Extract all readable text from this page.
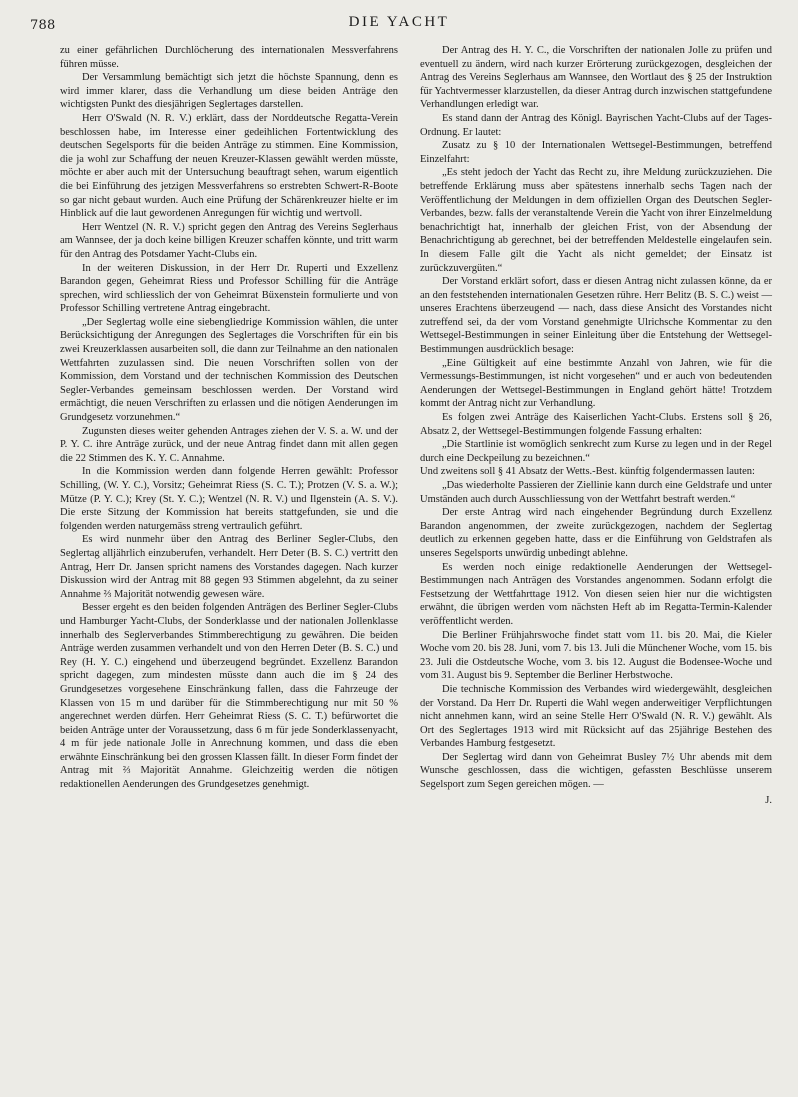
788	DIE YACHT

zu einer gefährlichen Durchlöcherung des internationalen Messverfahrens führen müsse.

Der Versammlung bemächtigt sich jetzt die höchste Spannung, denn es wird immer klarer, dass die Verhandlung um diese beiden Anträge den wichtigsten Punkt des diesjährigen Seglertages darstellen.

Herr O'Swald (N. R. V.) erklärt, dass der Norddeutsche Regatta-Verein beschlossen habe, im Interesse einer gedeihlichen Fortentwicklung des deutschen Segelsports für die beiden Anträge zu stimmen. Eine Kommission, die ja wohl zur Schaffung der neuen Kreuzer-Klassen gewählt werden müsste, möchte er aber auch mit der Untersuchung beauftragt sehen, warum eigentlich die bei Einführung des jetzigen Messverfahrens so erstrebten Schwert-R-Boote so gar nicht gebaut wurden. Auch eine Prüfung der Schärenkreuzer hielte er im Hinblick auf die laut gewordenen Anregungen für wichtig und wertvoll.

Herr Wentzel (N. R. V.) spricht gegen den Antrag des Vereins Seglerhaus am Wannsee, der ja doch keine billigen Kreuzer schaffen könnte, und tritt warm für den Antrag des Potsdamer Yacht-Clubs ein.

In der weiteren Diskussion, in der Herr Dr. Ruperti und Exzellenz Barandon gegen, Geheimrat Riess und Professor Schilling für die Anträge sprechen, wird schliesslich der von Geheimrat Büxenstein formulierte und von Professor Schilling vertretene Antrag eingebracht.

„Der Seglertag wolle eine siebengliedrige Kommission wählen, die unter Berücksichtigung der Anregungen des Seglertages die Vorschriften für ein bis zwei Kreuzerklassen ausarbeiten soll, die dann zur Teilnahme an den nationalen Wettfahrten zuzulassen sind. Die neuen Vorschriften sollen von der Kommission, dem Vorstand und der technischen Kommission des Deutschen Segler-Verbandes gemeinsam beschlossen werden. Der Vorstand wird ermächtigt, die neuen Verschriften zu erlassen und die nötigen Aenderungen im Grundgesetz vorzunehmen.“

Zugunsten dieses weiter gehenden Antrages ziehen der V. S. a. W. und der P. Y. C. ihre Anträge zurück, und der neue Antrag findet dann mit allen gegen die 22 Stimmen des K. Y. C. Annahme.

In die Kommission werden dann folgende Herren gewählt: Professor Schilling, (W. Y. C.), Vorsitz; Geheimrat Riess (S. C. T.); Protzen (V. S. a. W.); Mütze (P. Y. C.); Krey (St. Y. C.); Wentzel (N. R. V.) und Ilgenstein (A. S. V.). Die erste Sitzung der Kommission hat bereits stattgefunden, sie und die folgenden werden naturgemäss streng vertraulich geführt.

Es wird nunmehr über den Antrag des Berliner Segler-Clubs, den Seglertag alljährlich einzuberufen, verhandelt. Herr Deter (B. S. C.) vertritt den Antrag, Herr Dr. Jansen spricht namens des Vorstandes dagegen. Nach kurzer Diskussion wird der Antrag mit 88 gegen 93 Stimmen abgelehnt, da zu seiner Annahme ⅔ Majorität notwendig gewesen wäre.

Besser ergeht es den beiden folgenden Anträgen des Berliner Segler-Clubs und Hamburger Yacht-Clubs, der Sonderklasse und der nationalen Jollenklasse innerhalb des Seglerverbandes Stimmberechtigung zu gewähren. Die beiden Anträge werden zusammen verhandelt und von den Herren Deter (B. S. C.) und Rey (H. Y. C.) eingehend und überzeugend begründet. Exzellenz Barandon spricht dagegen, zum mindesten müsste dann auch die im § 24 des Grundgesetzes vorgesehene Einschränkung fallen, dass die Fahrzeuge der Klassen von 15 m und darüber für die Stimmberechtigung nur mit 50 % angerechnet werden dürfen. Herr Geheimrat Riess (S. C. T.) befürwortet die beiden Anträge unter der Voraussetzung, dass 6 m für jede Sonderklassenyacht, 4 m für jede nationale Jolle in Anrechnung kommen, und dass die eben erwähnte Einschränkung bei den grossen Klassen fällt. In dieser Form findet der Antrag mit ⅔ Majorität Annahme. Gleichzeitig werden die nötigen redaktionellen Aenderungen des Grundgesetzes genehmigt.

Der Antrag des H. Y. C., die Vorschriften der nationalen Jolle zu prüfen und eventuell zu ändern, wird nach kurzer Erörterung zurückgezogen, desgleichen der Antrag des Vereins Seglerhaus am Wannsee, den Wortlaut des § 25 der Instruktion für Yachtvermesser klarzustellen, da dieser Antrag durch inzwischen stattgefundene Verhandlungen erledigt war.

Es stand dann der Antrag des Königl. Bayrischen Yacht-Clubs auf der Tages-Ordnung. Er lautet:

Zusatz zu § 10 der Internationalen Wettsegel-Bestimmungen, betreffend Einzelfahrt:

„Es steht jedoch der Yacht das Recht zu, ihre Meldung zurückzuziehen. Die betreffende Erklärung muss aber spätestens innerhalb sechs Tagen nach der Veröffentlichung der Meldungen in dem offiziellen Organ des Deutschen Segler-Verbandes, bezw. falls der veranstaltende Verein die Yacht von ihrer Einzelmeldung benachrichtigt hat, innerhalb der gleichen Frist, von der Absendung der Benachrichtigung ab gerechnet, bei der betreffenden Meldestelle eingelaufen sein. In diesem Falle gilt die Yacht als nicht gemeldet; der Einsatz ist zurückzuvergüten.“

Der Vorstand erklärt sofort, dass er diesen Antrag nicht zulassen könne, da er an den feststehenden internationalen Gesetzen rühre. Herr Belitz (B. S. C.) weist — unseres Erachtens überzeugend — nach, dass diese Ansicht des Vorstandes nicht zutreffend sei, da der vom Vorstand genehmigte Ulrichsche Kommentar zu den Wettsegel-Bestimmungen in seiner Einleitung über die Entstehung der Wettsegel-Bestimmungen ausdrücklich besage:

„Eine Gültigkeit auf eine bestimmte Anzahl von Jahren, wie für die Vermessungs-Bestimmungen, ist nicht vorgesehen“ und er auch von bedeutenden Aenderungen der Wettsegel-Bestimmungen in England gehört hätte! Trotzdem kommt der Antrag nicht zur Verhandlung.

Es folgen zwei Anträge des Kaiserlichen Yacht-Clubs. Erstens soll § 26, Absatz 2, der Wettsegel-Bestimmungen folgende Fassung erhalten:

„Die Startlinie ist womöglich senkrecht zum Kurse zu legen und in der Regel durch eine Deckpeilung zu bezeichnen.“

Und zweitens soll § 41 Absatz der Wetts.-Best. künftig folgendermassen lauten:

„Das wiederholte Passieren der Ziellinie kann durch eine Geldstrafe und unter Umständen auch durch Ausschliessung von der Wettfahrt bestraft werden.“

Der erste Antrag wird nach eingehender Begründung durch Exzellenz Barandon angenommen, der zweite zurückgezogen, nachdem der Seglertag deutlich zu erkennen gegeben hatte, dass er die Einführung von Geldstrafen als unseres Segelsports unwürdig unbedingt ablehne.

Es werden noch einige redaktionelle Aenderungen der Wettsegel-Bestimmungen nach Anträgen des Vorstandes angenommen. Sodann erfolgt die Festsetzung der Wettfahrttage 1912. Von diesen seien hier nur die wichtigsten erwähnt, die übrigen werden vom nächsten Heft ab im Regatta-Termin-Kalender veröffentlicht werden.

Die Berliner Frühjahrswoche findet statt vom 11. bis 20. Mai, die Kieler Woche vom 20. bis 28. Juni, vom 7. bis 13. Juli die Münchener Woche, vom 15. bis 23. Juli die Ostdeutsche Woche, vom 3. bis 12. August die Bodensee-Woche und vom 31. August bis 9. September die Berliner Herbstwoche.

Die technische Kommission des Verbandes wird wiedergewählt, desgleichen der Vorstand. Da Herr Dr. Ruperti die Wahl wegen anderweitiger Verpflichtungen nicht annehmen kann, wird an seine Stelle Herr O'Swald (N. R. V.) gewählt. Als Ort des Seglertages 1913 wird mit Rücksicht auf das 25jährige Bestehen des Verbandes Hamburg festgesetzt.

Der Seglertag wird dann von Geheimrat Busley 7½ Uhr abends mit dem Wunsche geschlossen, dass die wichtigen, gefassten Beschlüsse unserem Segelsport zum Segen gereichen mögen. —

J.
